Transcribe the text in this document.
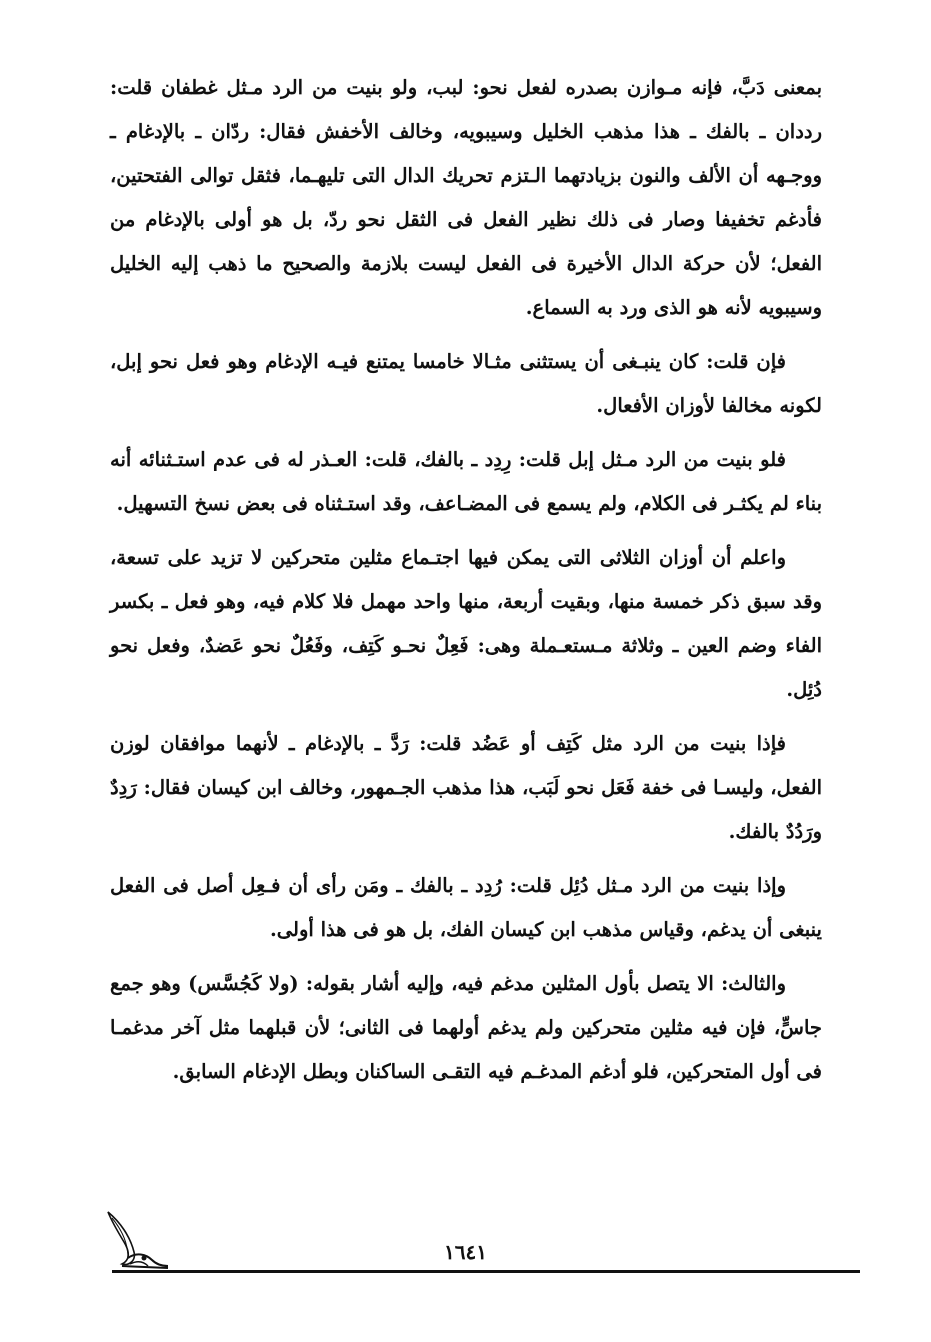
بمعنى دَبَّ، فإنه مـوازن بصدره لفعل نحو: لبب، ولو بنيت من الرد مـثل غطفان قلت: رددان ـ بالفك ـ هذا مذهب الخليل وسيبويه، وخالف الأخفش فقال: ردّان ـ بالإدغام ـ ووجـهه أن الألف والنون بزيادتهما الـتزم تحريك الدال التى تليهـما، فثقل توالى الفتحتين، فأدغم تخفيفا وصار فى ذلك نظير الفعل فى الثقل نحو ردّ، بل هو أولى بالإدغام من الفعل؛ لأن حركة الدال الأخيرة فى الفعل ليست بلازمة والصحيح ما ذهب إليه الخليل وسيبويه لأنه هو الذى ورد به السماع.

فإن قلت: كان ينبـغى أن يستثنى مثـالا خامسا يمتنع فيـه الإدغام وهو فعل نحو إبل، لكونه مخالفا لأوزان الأفعال.

فلو بنيت من الرد مـثل إبل قلت: رِدِد ـ بالفك، قلت: العـذر له فى عدم استـثنائه أنه بناء لم يكثـر فى الكلام، ولم يسمع فى المضـاعف، وقد استـثناه فى بعض نسخ التسهيل.

واعلم أن أوزان الثلاثى التى يمكن فيها اجتـماع مثلين متحركين لا تزيد على تسعة، وقد سبق ذكر خمسة منها، وبقيت أربعة، منها واحد مهمل فلا كلام فيه، وهو فعل ـ بكسر الفاء وضم العين ـ وثلاثة مـستعـملة وهى: فَعِلٌ نحـو كَتِف، وفَعُلٌ نحو عَضدٌ، وفعل نحو دُئِل.

فإذا بنيت من الرد مثل كَتِف أو عَضُد قلت: رَدَّ ـ بالإدغام ـ لأنهما موافقان لوزن الفعل، وليسـا فى خفة فَعَل نحو لَبَب، هذا مذهب الجـمهور، وخالف ابن كيسان فقال: رَدِدٌ ورَدُدٌ بالفك.

وإذا بنيت من الرد مـثل دُئِل قلت: رُدِد ـ بالفك ـ ومَن رأى أن فـعِل أصل فى الفعل ينبغى أن يدغم، وقياس مذهب ابن كيسان الفك، بل هو فى هذا أولى.

والثالث: الا يتصل بأول المثلين مدغم فيه، وإليه أشار بقوله: (ولا كَجُسَّس) وهو جمع جاسٍّ، فإن فيه مثلين متحركين ولم يدغم أولهما فى الثانى؛ لأن قبلهما مثل آخر مدغمـا فى أول المتحركين، فلو أدغم المدغـم فيه التقـى الساكنان وبطل الإدغام السابق.

١٦٤١
